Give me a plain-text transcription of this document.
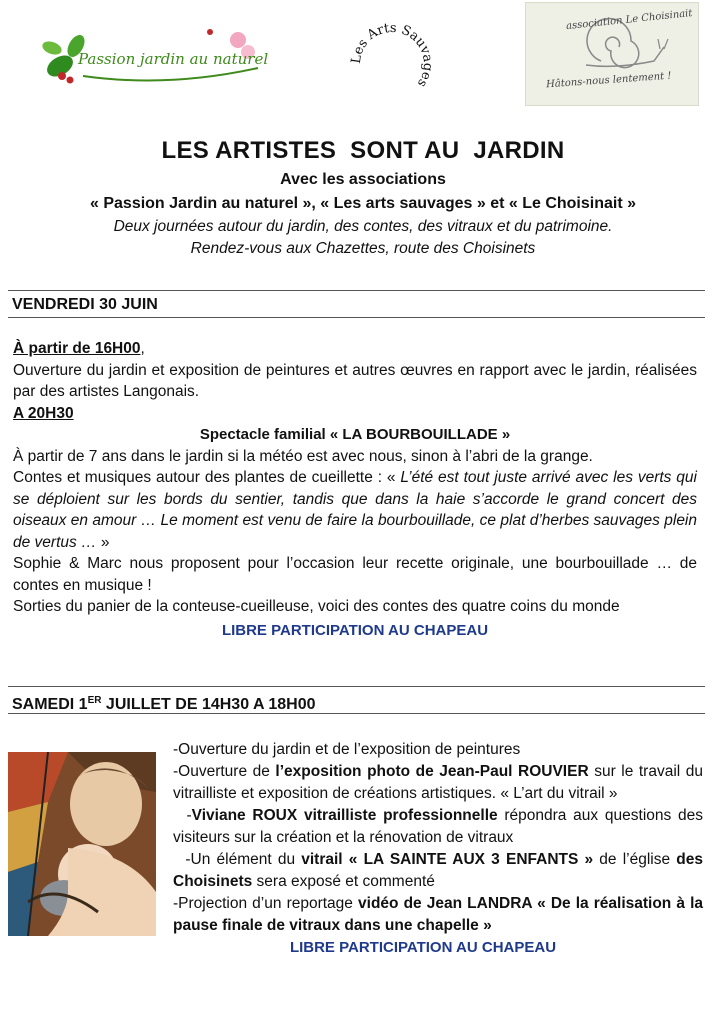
Passion jardin au naturel	Les Arts Sauvages
association Le Choisinait
Hâtons-nous lentement !
LES ARTISTES  SONT AU  JARDIN
Avec les associations
« Passion Jardin au naturel », « Les arts sauvages » et « Le Choisinait »
Deux journées autour du jardin, des contes, des vitraux et du patrimoine.
Rendez-vous aux Chazettes, route des Choisinets
VENDREDI 30 JUIN

À partir de 16H00,

Ouverture du jardin et exposition de peintures et autres œuvres en rapport avec le jardin, réalisées par des artistes Langonais.

A 20H30

Spectacle familial « LA BOURBOUILLADE »

À partir de 7 ans dans le jardin si la météo est avec nous, sinon à l’abri de la grange.

Contes et musiques autour des plantes de cueillette : « L’été est tout juste arrivé avec les verts qui se déploient sur les bords du sentier, tandis que dans la haie s’accorde le grand concert des oiseaux en amour … Le moment est venu de faire la bourbouillade, ce plat d’herbes sauvages plein de vertus … »

Sophie & Marc nous proposent pour l’occasion leur recette originale, une bourbouillade … de contes en musique !

Sorties du panier de la conteuse-cueilleuse, voici des contes des quatre coins du monde

LIBRE PARTICIPATION AU CHAPEAU

SAMEDI 1ER JUILLET DE 14H30 A 18H00

-Ouverture du jardin et de l’exposition de peintures

-Ouverture de l’exposition photo de Jean-Paul ROUVIER sur le travail du vitrailliste et exposition de créations artistiques. « L’art du vitrail »

-Viviane ROUX vitrailliste professionnelle répondra aux questions des visiteurs sur la création et la rénovation de vitraux

-Un élément du vitrail « LA SAINTE AUX 3 ENFANTS » de l’église des Choisinets sera exposé et commenté

-Projection d’un reportage vidéo de Jean LANDRA « De la réalisation à la pause finale de vitraux dans une chapelle »

LIBRE PARTICIPATION AU CHAPEAU
